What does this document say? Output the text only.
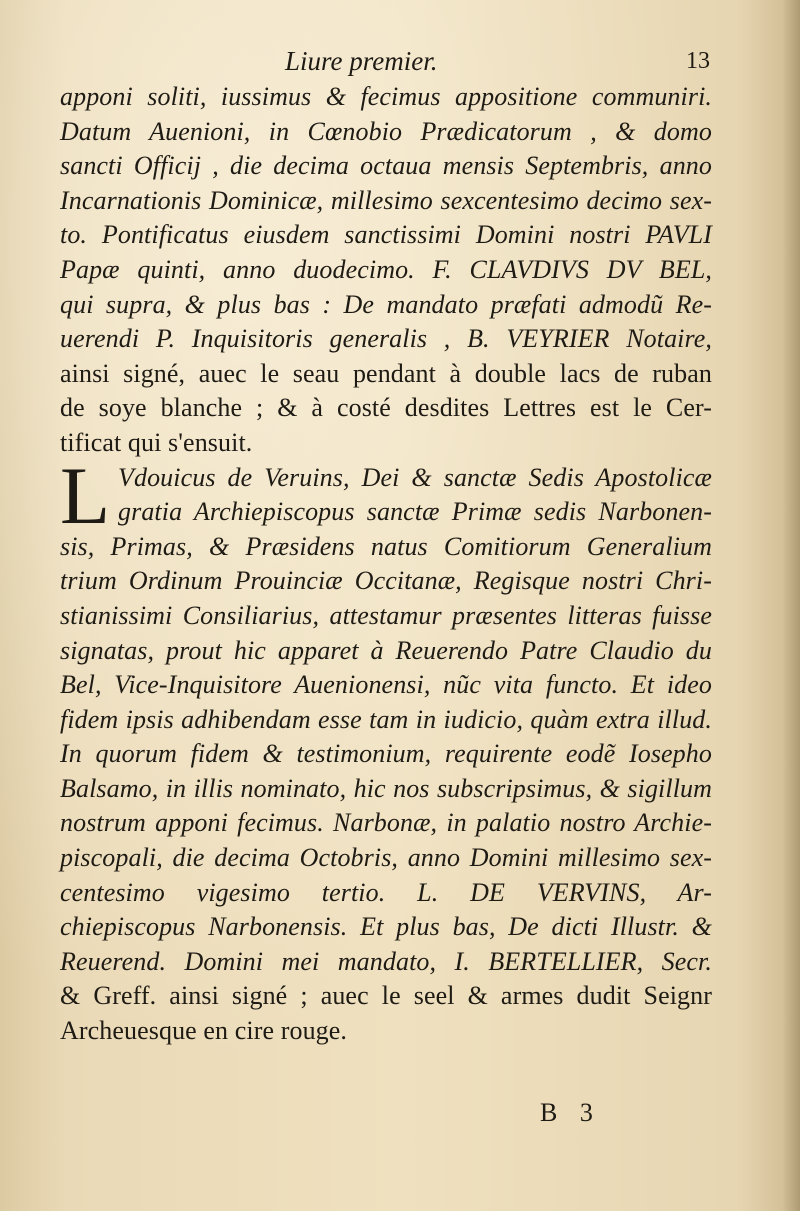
Liure premier.	13
apponi soliti, iussimus & fecimus appositione communiri.
Datum Auenioni, in Cœnobio Prædicatorum , & domo
sancti Officij , die decima octaua mensis Septembris, anno
Incarnationis Dominicæ, millesimo sexcentesimo decimo sex-
to. Pontificatus eiusdem sanctissimi Domini nostri PAVLI
Papæ quinti, anno duodecimo. F. CLAVDIVS DV BEL,
qui supra, & plus bas : De mandato præfati admodũ Re-
uerendi P. Inquisitoris generalis , B. VEYRIER Notaire,
ainsi signé, auec le seau pendant à double lacs de ruban
de soye blanche ; & à costé desdites Lettres est le Cer-
tificat qui s'ensuit.
L Vdouicus de Veruins, Dei & sanctæ Sedis Apostolicæ
gratia Archiepiscopus sanctæ Primæ sedis Narbonen-
sis, Primas, & Præsidens natus Comitiorum Generalium
trium Ordinum Prouinciæ Occitanæ, Regisque nostri Chri-
stianissimi Consiliarius, attestamur præsentes litteras fuisse
signatas, prout hic apparet à Reuerendo Patre Claudio du
Bel, Vice-Inquisitore Auenionensi, nũc vita functo. Et ideo
fidem ipsis adhibendam esse tam in iudicio, quàm extra illud.
In quorum fidem & testimonium, requirente eodẽ Iosepho
Balsamo, in illis nominato, hic nos subscripsimus, & sigillum
nostrum apponi fecimus. Narbonæ, in palatio nostro Archie-
piscopali, die decima Octobris, anno Domini millesimo sex-
centesimo vigesimo tertio. L. DE VERVINS, Ar-
chiepiscopus Narbonensis. Et plus bas, De dicti Illustr. &
Reuerend. Domini mei mandato, I. BERTELLIER, Secr.
& Greff. ainsi signé ; auec le seel & armes dudit Seignr
Archeuesque en cire rouge.
B 3
